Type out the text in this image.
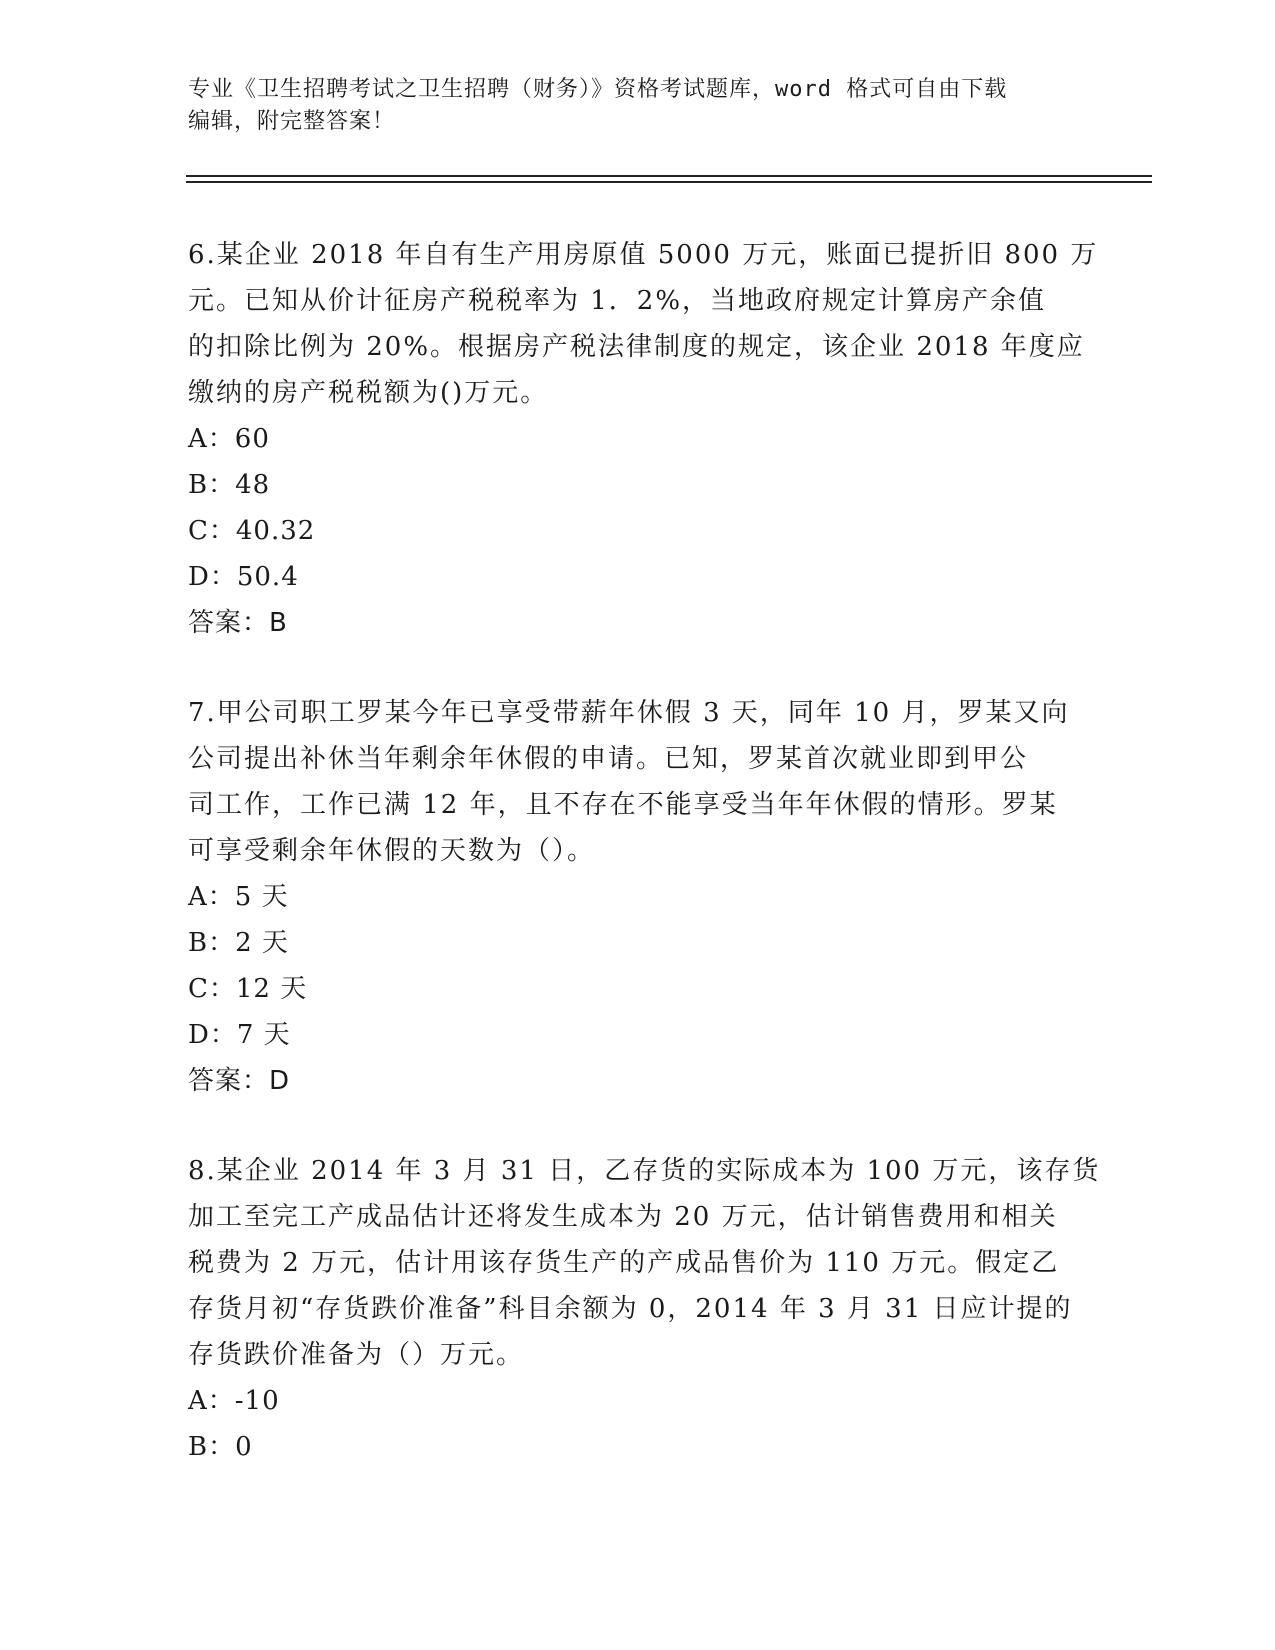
专业《卫生招聘考试之卫生招聘（财务）》资格考试题库，word 格式可自由下载
编辑，附完整答案！
6.某企业 2018 年自有生产用房原值 5000 万元，账面已提折旧 800 万
元。已知从价计征房产税税率为 1．2%，当地政府规定计算房产余值
的扣除比例为 20%。根据房产税法律制度的规定，该企业 2018 年度应
缴纳的房产税税额为()万元。
A：60
B：48
C：40.32
D：50.4
答案：B
7.甲公司职工罗某今年已享受带薪年休假 3 天，同年 10 月，罗某又向
公司提出补休当年剩余年休假的申请。已知，罗某首次就业即到甲公
司工作，工作已满 12 年，且不存在不能享受当年年休假的情形。罗某
可享受剩余年休假的天数为（）。
A：5 天
B：2 天
C：12 天
D：7 天
答案：D
8.某企业 2014 年 3 月 31 日，乙存货的实际成本为 100 万元，该存货
加工至完工产成品估计还将发生成本为 20 万元，估计销售费用和相关
税费为 2 万元，估计用该存货生产的产成品售价为 110 万元。假定乙
存货月初“存货跌价准备”科目余额为 0，2014 年 3 月 31 日应计提的
存货跌价准备为（）万元。
A：-10
B：0
